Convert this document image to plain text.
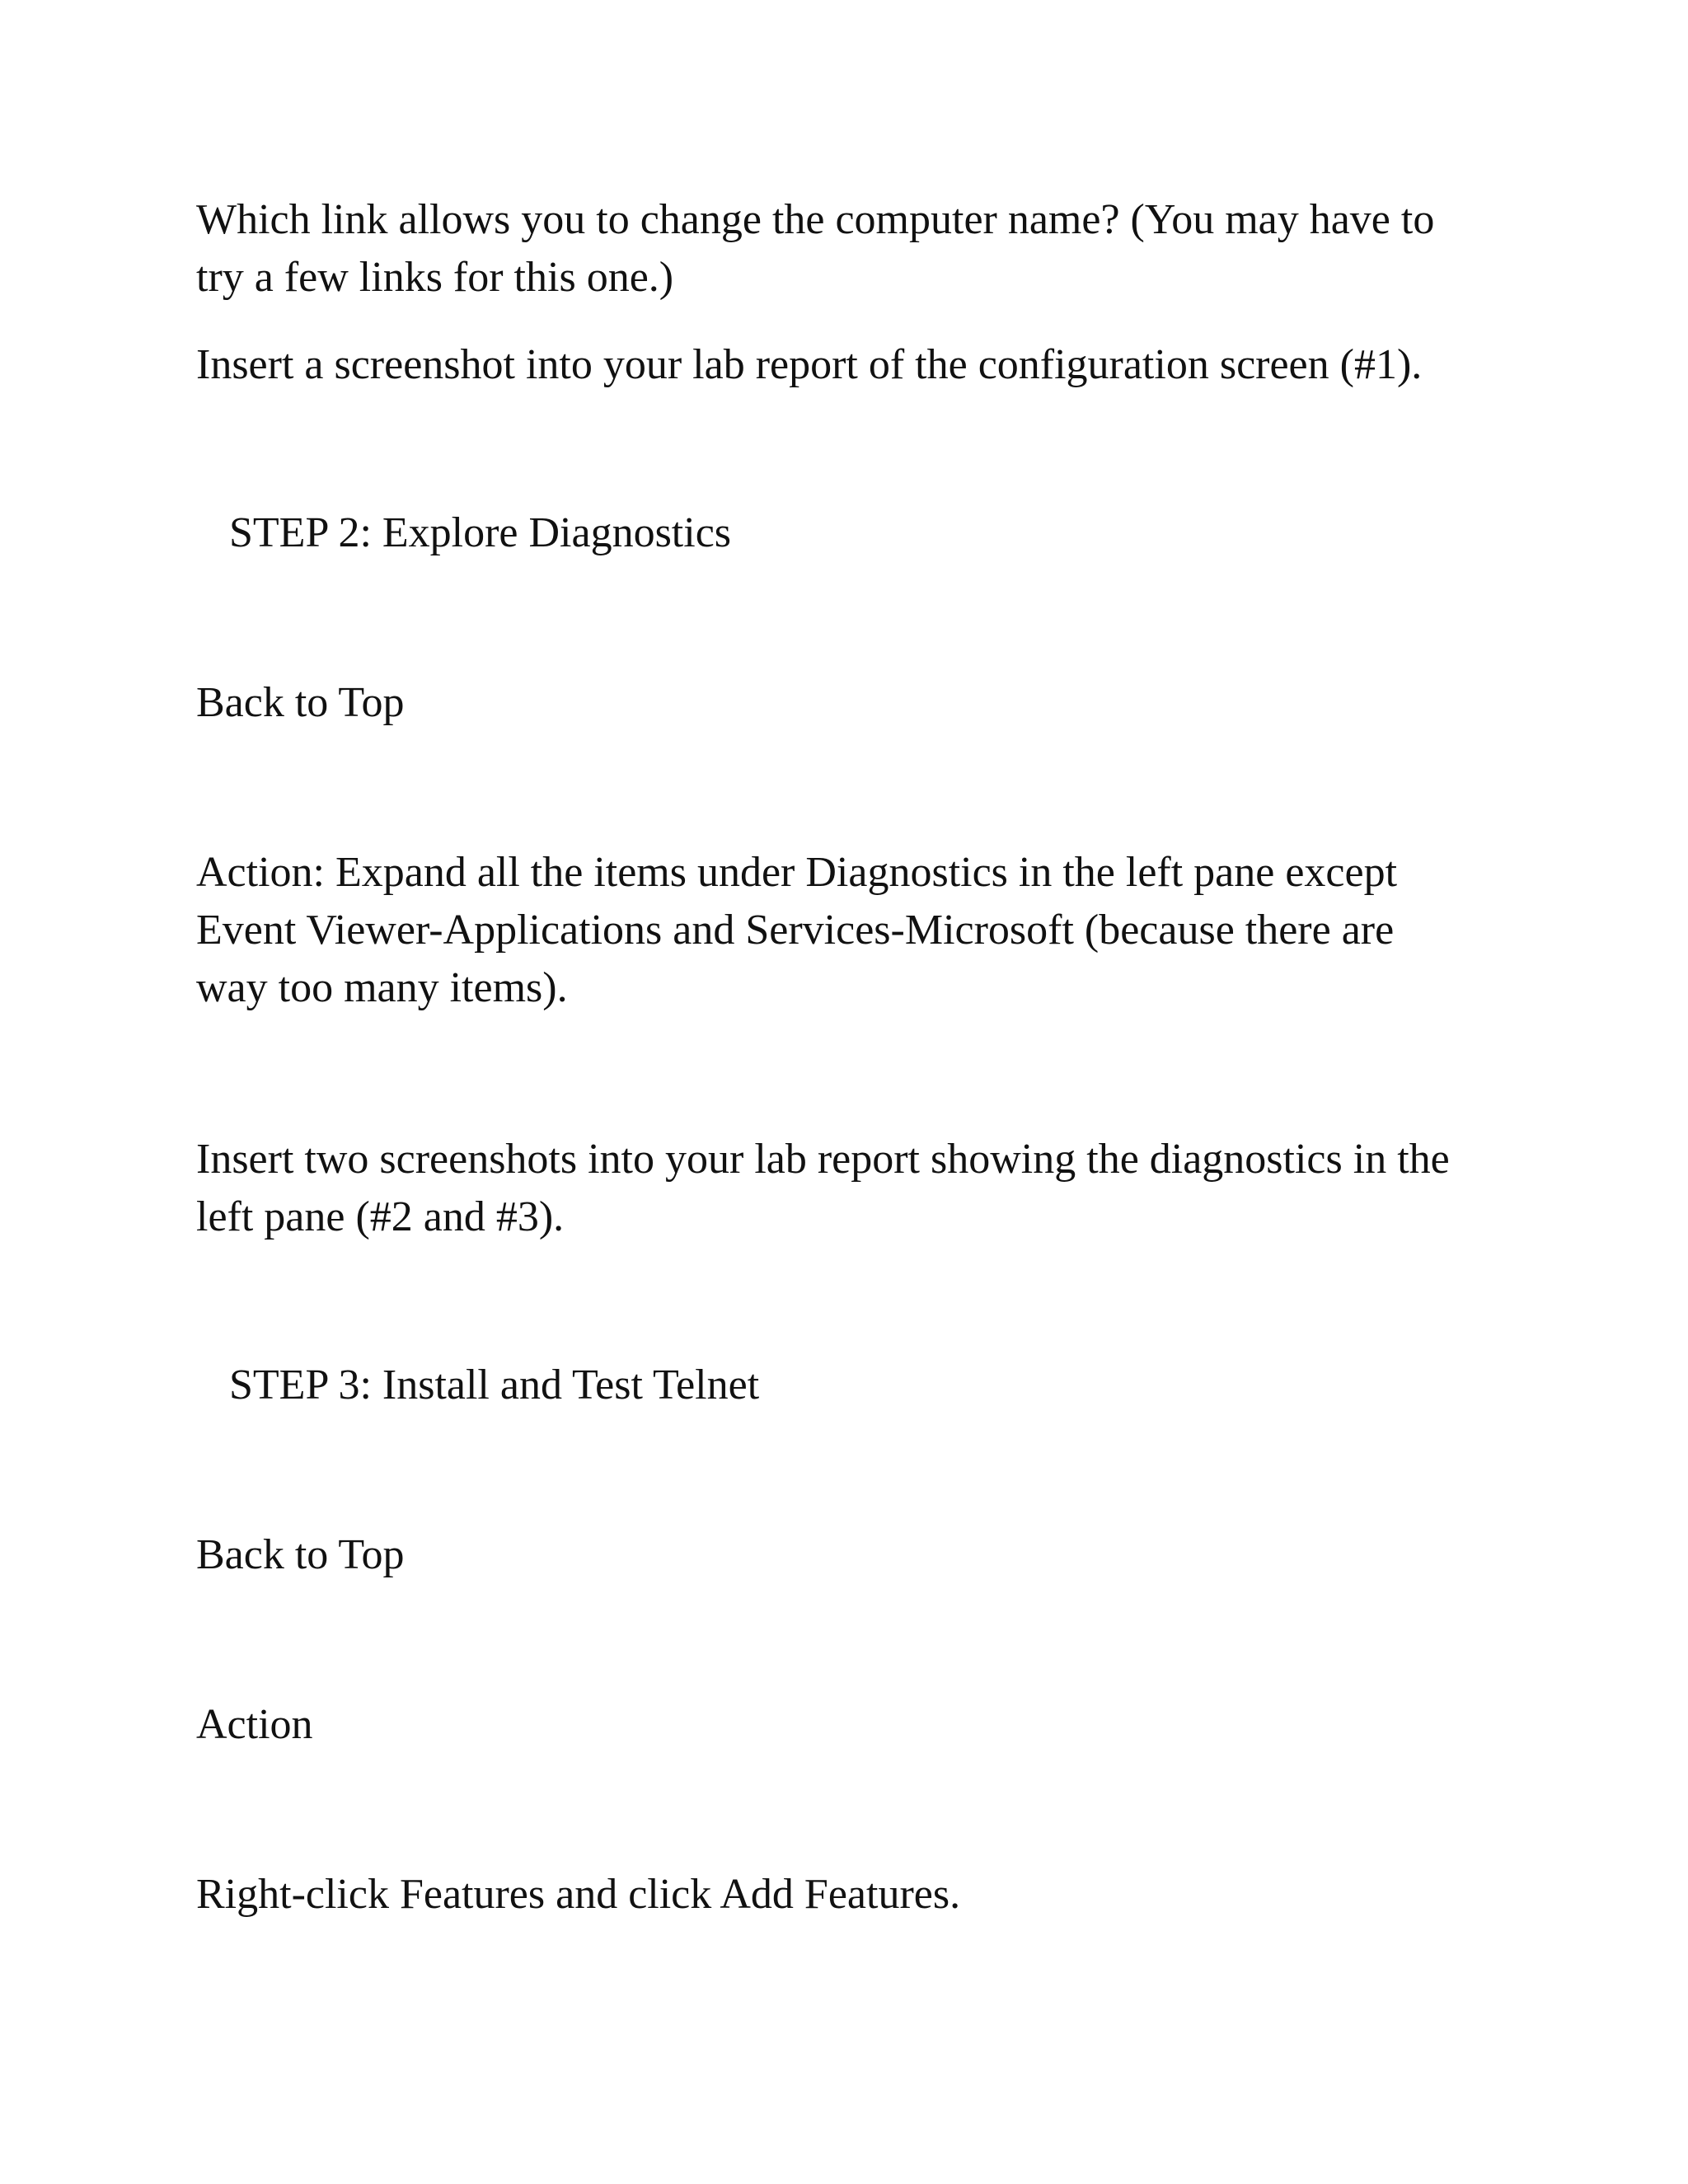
Which link allows you to change the computer name? (You may have to

try a few links for this one.)

Insert a screenshot into your lab report of the configuration screen (#1).

STEP 2: Explore Diagnostics

Back to Top

Action: Expand all the items under Diagnostics in the left pane except

Event Viewer-Applications and Services-Microsoft (because there are

way too many items).

Insert two screenshots into your lab report showing the diagnostics in the

left pane (#2 and #3).

STEP 3: Install and Test Telnet

Back to Top

Action

Right-click Features and click Add Features.
